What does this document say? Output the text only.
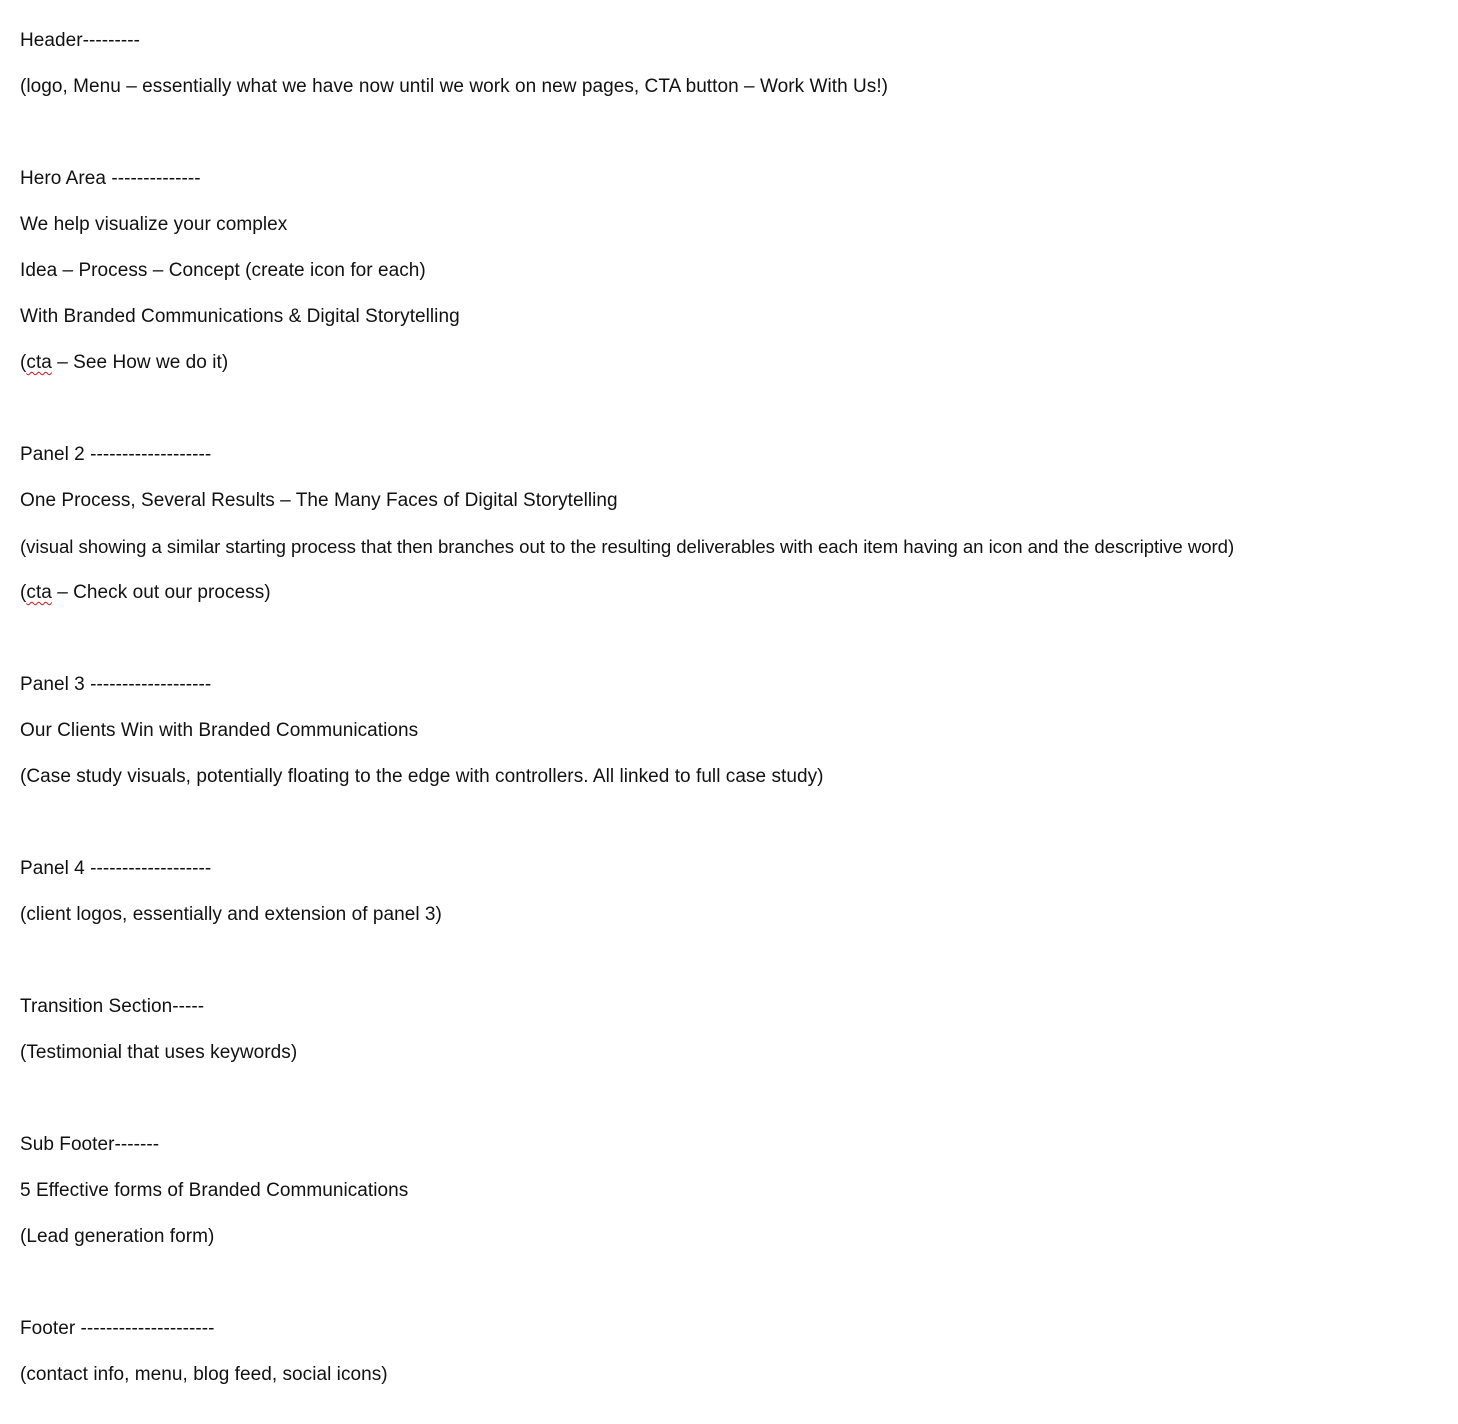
Header---------
(logo, Menu – essentially what we have now until we work on new pages, CTA button – Work With Us!)
Hero Area --------------
We help visualize your complex
Idea – Process – Concept (create icon for each)
With Branded Communications & Digital Storytelling
(cta – See How we do it)
Panel 2 -------------------
One Process, Several Results – The Many Faces of Digital Storytelling
(visual showing a similar starting process that then branches out to the resulting deliverables with each item having an icon and the descriptive word)
(cta – Check out our process)
Panel 3 -------------------
Our Clients Win with Branded Communications
(Case study visuals, potentially floating to the edge with controllers. All linked to full case study)
Panel 4 -------------------
(client logos, essentially and extension of panel 3)
Transition Section-----
(Testimonial that uses keywords)
Sub Footer-------
5 Effective forms of Branded Communications
(Lead generation form)
Footer ---------------------
(contact info, menu, blog feed, social icons)
